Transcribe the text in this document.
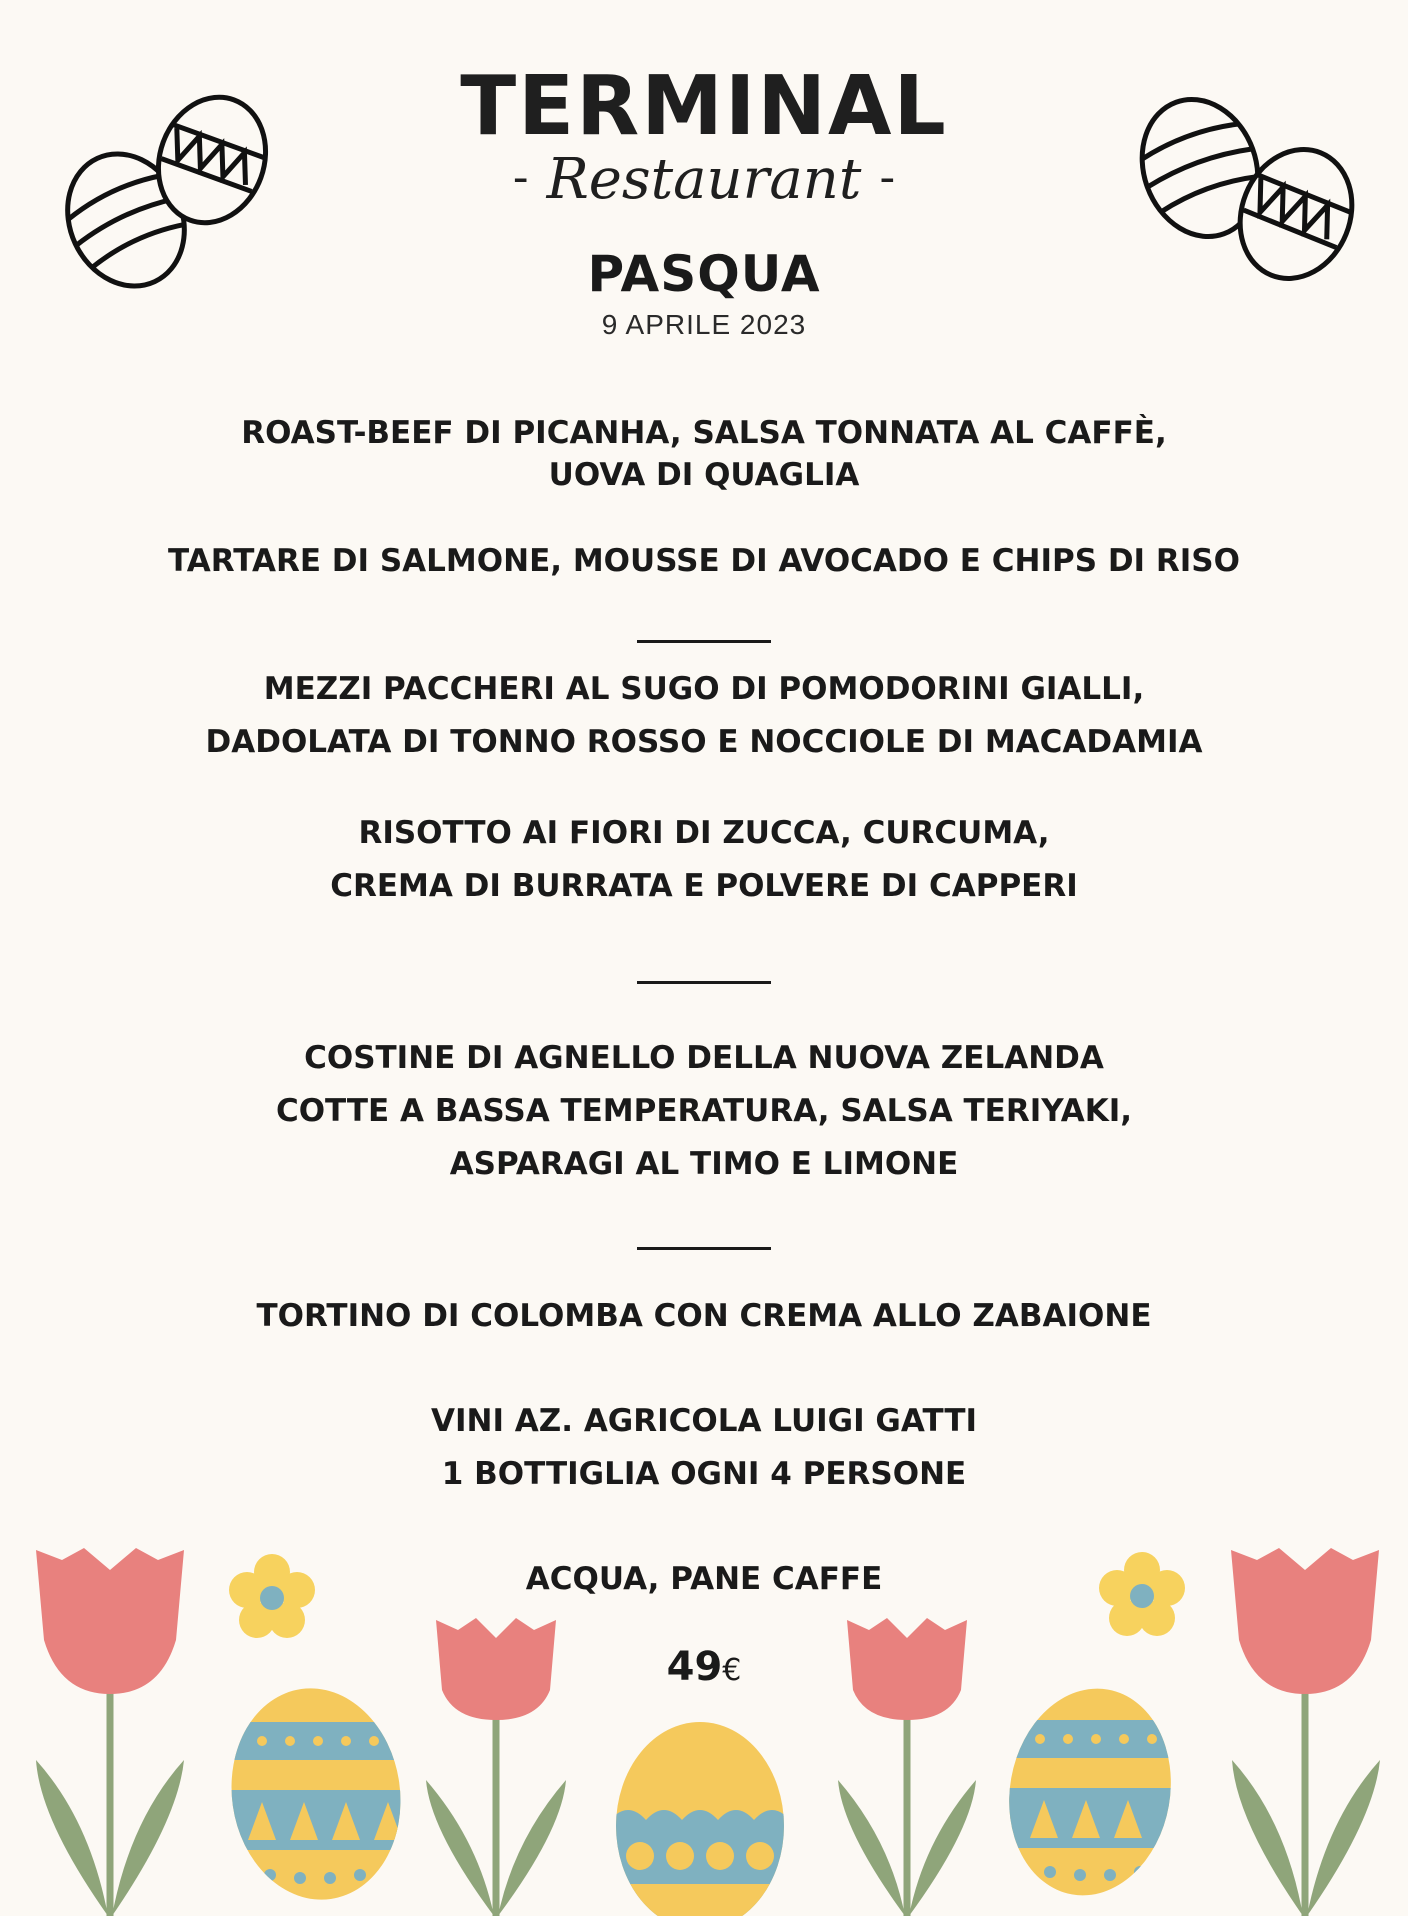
TERMINAL
- Restaurant -
PASQUA
9 APRILE 2023
ROAST-BEEF DI PICANHA, SALSA TONNATA AL CAFFÈ,
UOVA DI QUAGLIA
TARTARE DI SALMONE, MOUSSE DI AVOCADO E CHIPS DI RISO
MEZZI PACCHERI AL SUGO DI POMODORINI GIALLI,
DADOLATA DI TONNO ROSSO E NOCCIOLE DI MACADAMIA
RISOTTO AI FIORI DI ZUCCA, CURCUMA,
CREMA DI BURRATA E POLVERE DI CAPPERI
COSTINE DI AGNELLO DELLA NUOVA ZELANDA
COTTE A BASSA TEMPERATURA, SALSA TERIYAKI,
ASPARAGI AL TIMO E LIMONE
TORTINO DI COLOMBA CON CREMA ALLO ZABAIONE
VINI AZ. AGRICOLA LUIGI GATTI
1 BOTTIGLIA OGNI 4 PERSONE
ACQUA, PANE CAFFE
49€
